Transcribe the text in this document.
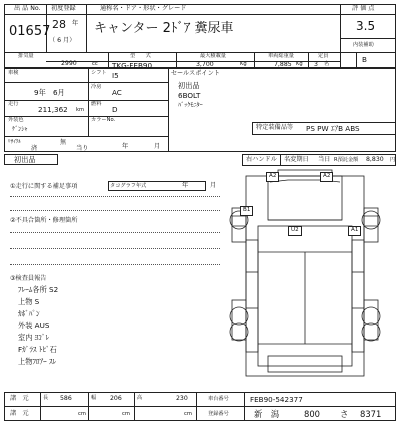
出 品 No.
01657
初度登録
28 年
（ 6 月）
通称名・ドア・形状・グレード
キャンター 2ﾄﾞｱ 糞尿車
評 価 点
3.5
内装補助
B
排気量
2990	cc
型　　式
TKG-FEB90
最大積載量
3,700	Kg
車両総重量
7,885 Kg
定員
3 名
車検
9年　6月
シフト I5
冷房
AC
走行
211,362 km
燃料
D
外装色
ｹﾞﾝｼｬ
カラーNo.
ﾘｻｲｸﾙ
済
無
当り	年	月
セールスポイント
初出品
6BOLT
ﾊﾞｯｸﾓﾆﾀｰ
特定装備品等 PS PW ｴｱB ABS
初出品	右ハンドル 名変期日 当日 R預託金額 8,830 円
①走行に関する補足事項	タコグラフ年式	年	月
②不具合箇所・修理箇所
③検査員報告
ﾌﾚｰﾑ各所 S2
上物 S
ｶﾎﾞﾊﾟﾝ
外装 AUS
室内 ﾖｺﾞﾚ
Fｶﾞﾗｽ ﾄﾋﾞ石
上物ﾌﾛｱｰ ｽﾚ
A2	A2
B1
U2	A1
諸　元	長 586	幅 206	高	230	車台番号	FEB90-542377
諸　元	cm	cm	cm	登録番号	新　潟	800 さ 8371
